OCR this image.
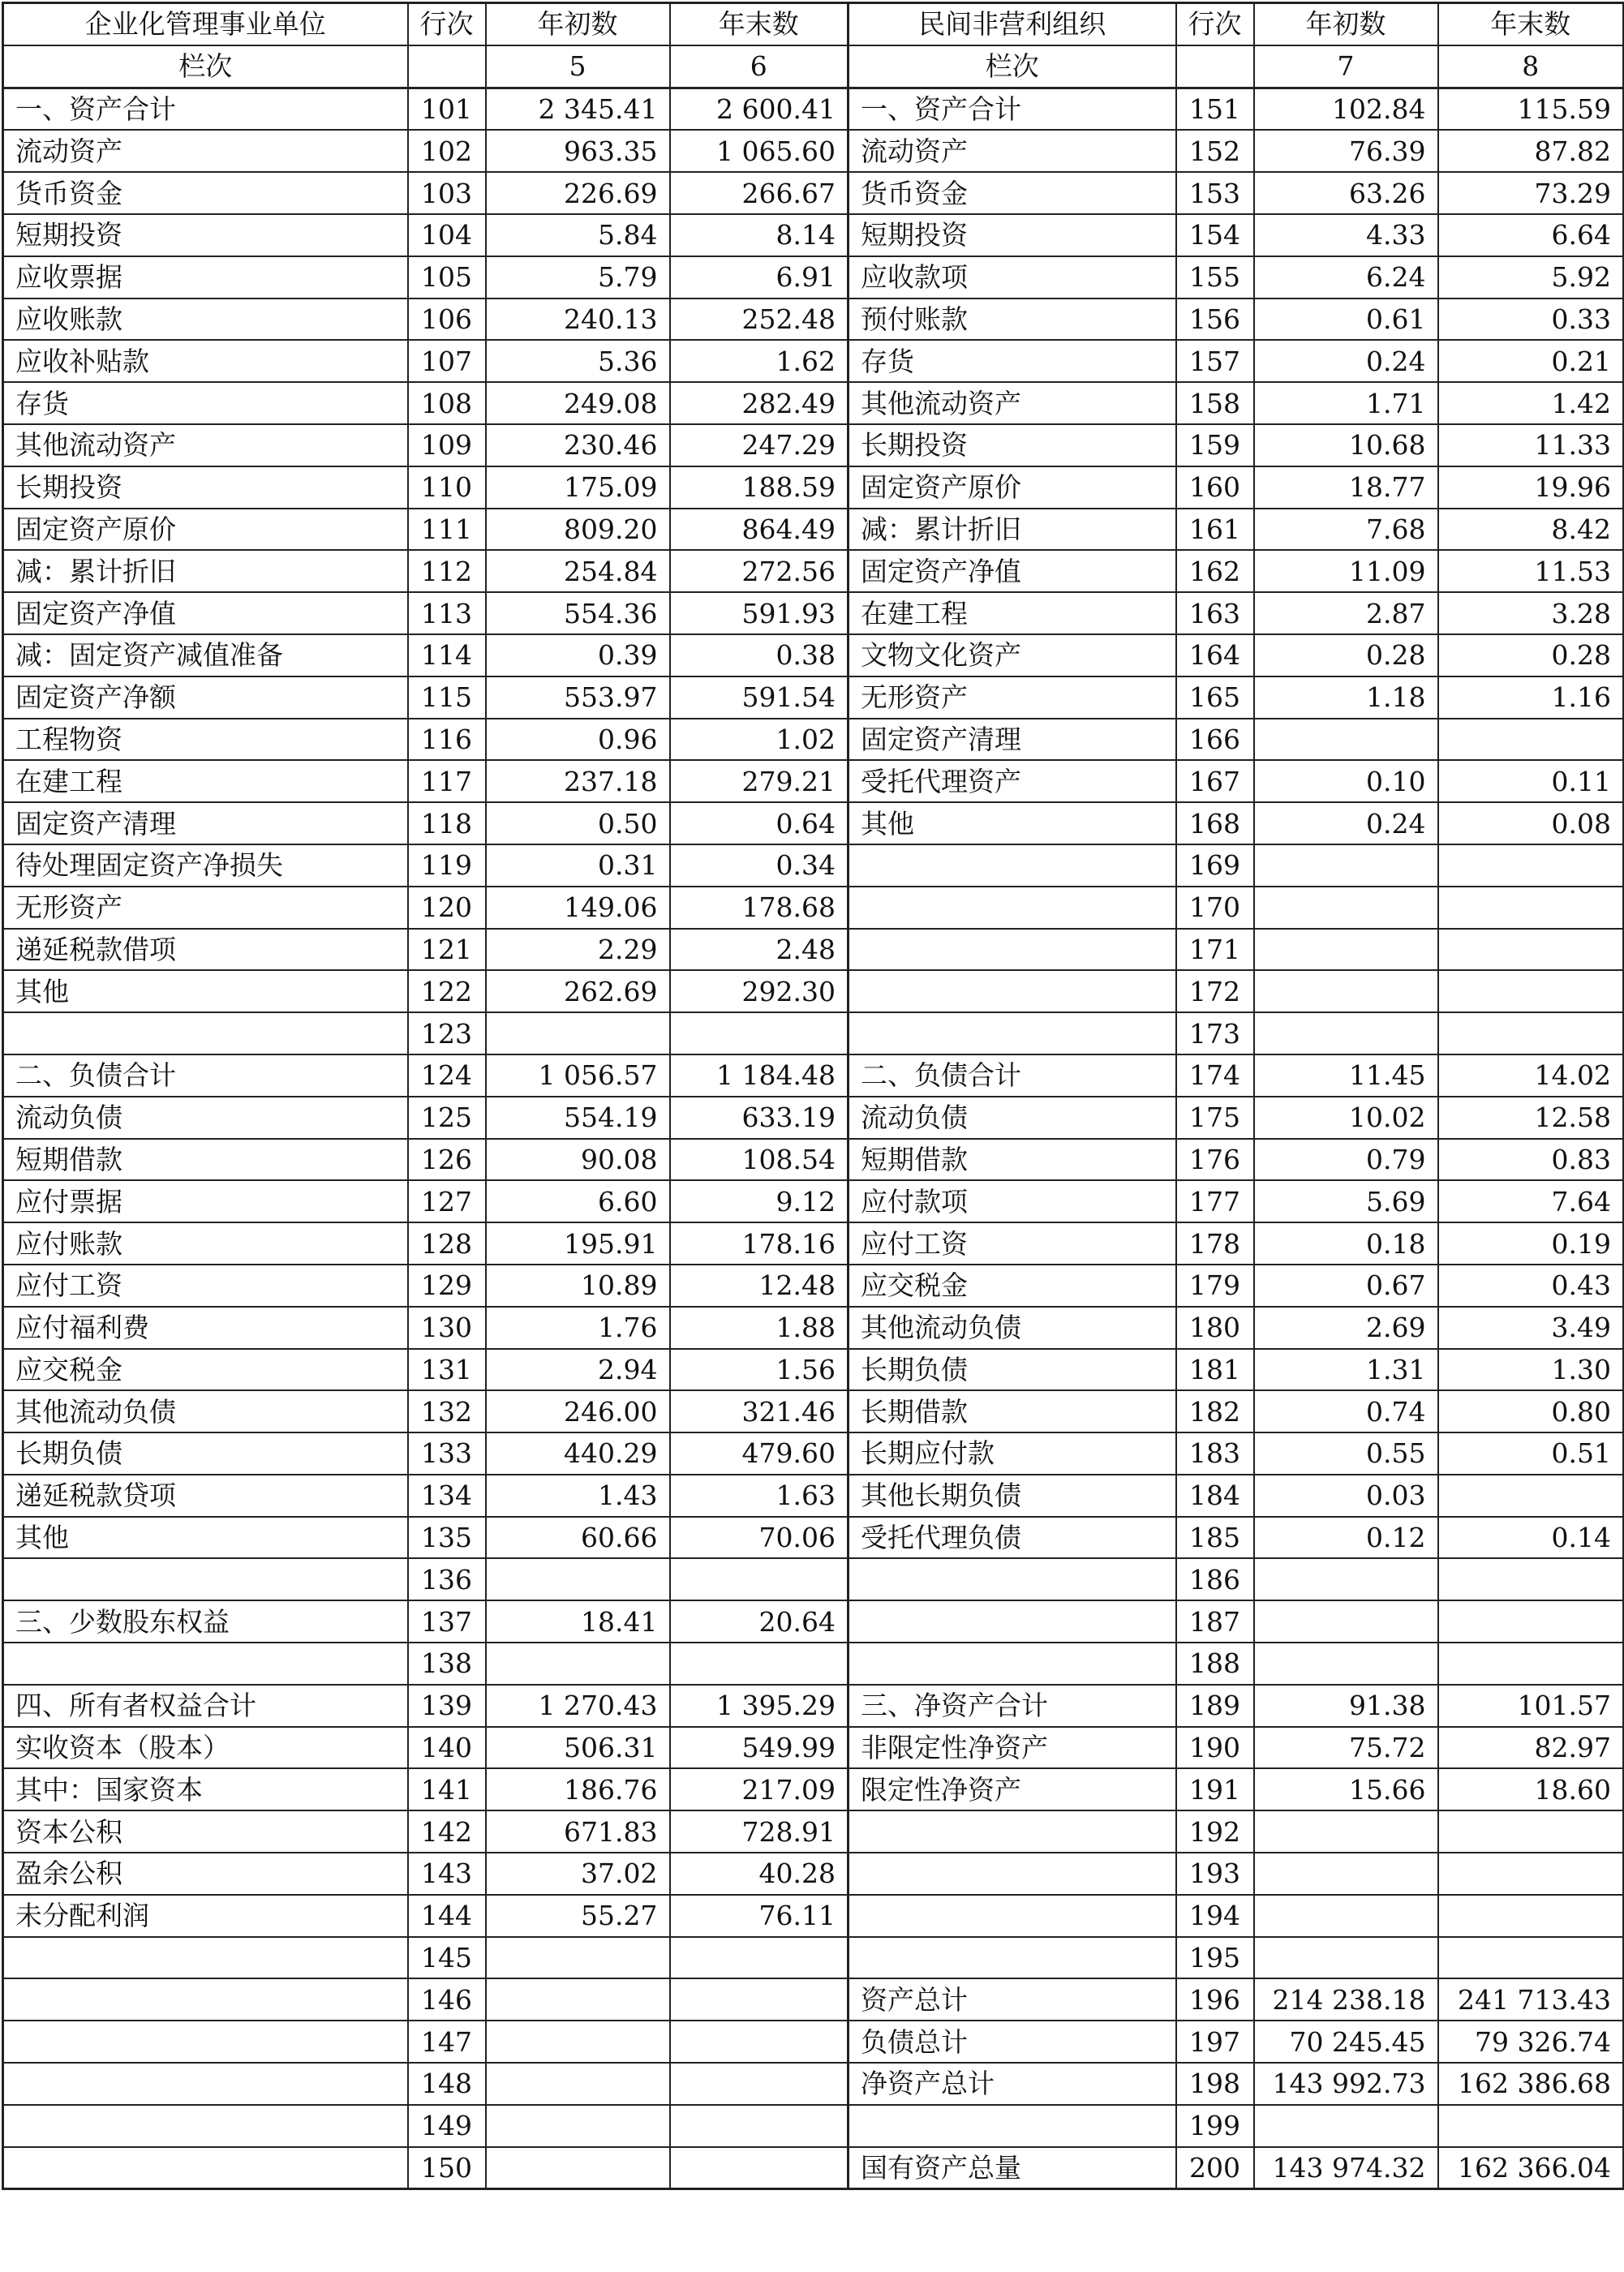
企业化管理事业单位	行次	年初数	年末数	民间非营利组织	行次	年初数	年末数
栏次		5	6	栏次		7	8
一、资产合计	101	2 345.41	2 600.41	一、资产合计	151	102.84	115.59
流动资产	102	963.35	1 065.60	流动资产	152	76.39	87.82
货币资金	103	226.69	266.67	货币资金	153	63.26	73.29
短期投资	104	5.84	8.14	短期投资	154	4.33	6.64
应收票据	105	5.79	6.91	应收款项	155	6.24	5.92
应收账款	106	240.13	252.48	预付账款	156	0.61	0.33
应收补贴款	107	5.36	1.62	存货	157	0.24	0.21
存货	108	249.08	282.49	其他流动资产	158	1.71	1.42
其他流动资产	109	230.46	247.29	长期投资	159	10.68	11.33
长期投资	110	175.09	188.59	固定资产原价	160	18.77	19.96
固定资产原价	111	809.20	864.49	减：累计折旧	161	7.68	8.42
减：累计折旧	112	254.84	272.56	固定资产净值	162	11.09	11.53
固定资产净值	113	554.36	591.93	在建工程	163	2.87	3.28
减：固定资产减值准备	114	0.39	0.38	文物文化资产	164	0.28	0.28
固定资产净额	115	553.97	591.54	无形资产	165	1.18	1.16
工程物资	116	0.96	1.02	固定资产清理	166		
在建工程	117	237.18	279.21	受托代理资产	167	0.10	0.11
固定资产清理	118	0.50	0.64	其他	168	0.24	0.08
待处理固定资产净损失	119	0.31	0.34		169		
无形资产	120	149.06	178.68		170		
递延税款借项	121	2.29	2.48		171		
其他	122	262.69	292.30		172		
	123				173		
二、负债合计	124	1 056.57	1 184.48	二、负债合计	174	11.45	14.02
流动负债	125	554.19	633.19	流动负债	175	10.02	12.58
短期借款	126	90.08	108.54	短期借款	176	0.79	0.83
应付票据	127	6.60	9.12	应付款项	177	5.69	7.64
应付账款	128	195.91	178.16	应付工资	178	0.18	0.19
应付工资	129	10.89	12.48	应交税金	179	0.67	0.43
应付福利费	130	1.76	1.88	其他流动负债	180	2.69	3.49
应交税金	131	2.94	1.56	长期负债	181	1.31	1.30
其他流动负债	132	246.00	321.46	长期借款	182	0.74	0.80
长期负债	133	440.29	479.60	长期应付款	183	0.55	0.51
递延税款贷项	134	1.43	1.63	其他长期负债	184	0.03	
其他	135	60.66	70.06	受托代理负债	185	0.12	0.14
	136				186		
三、少数股东权益	137	18.41	20.64		187		
	138				188		
四、所有者权益合计	139	1 270.43	1 395.29	三、净资产合计	189	91.38	101.57
实收资本（股本）	140	506.31	549.99	非限定性净资产	190	75.72	82.97
其中：国家资本	141	186.76	217.09	限定性净资产	191	15.66	18.60
资本公积	142	671.83	728.91		192		
盈余公积	143	37.02	40.28		193		
未分配利润	144	55.27	76.11		194		
	145				195		
	146			资产总计	196	214 238.18	241 713.43
	147			负债总计	197	70 245.45	79 326.74
	148			净资产总计	198	143 992.73	162 386.68
	149				199		
	150			国有资产总量	200	143 974.32	162 366.04
